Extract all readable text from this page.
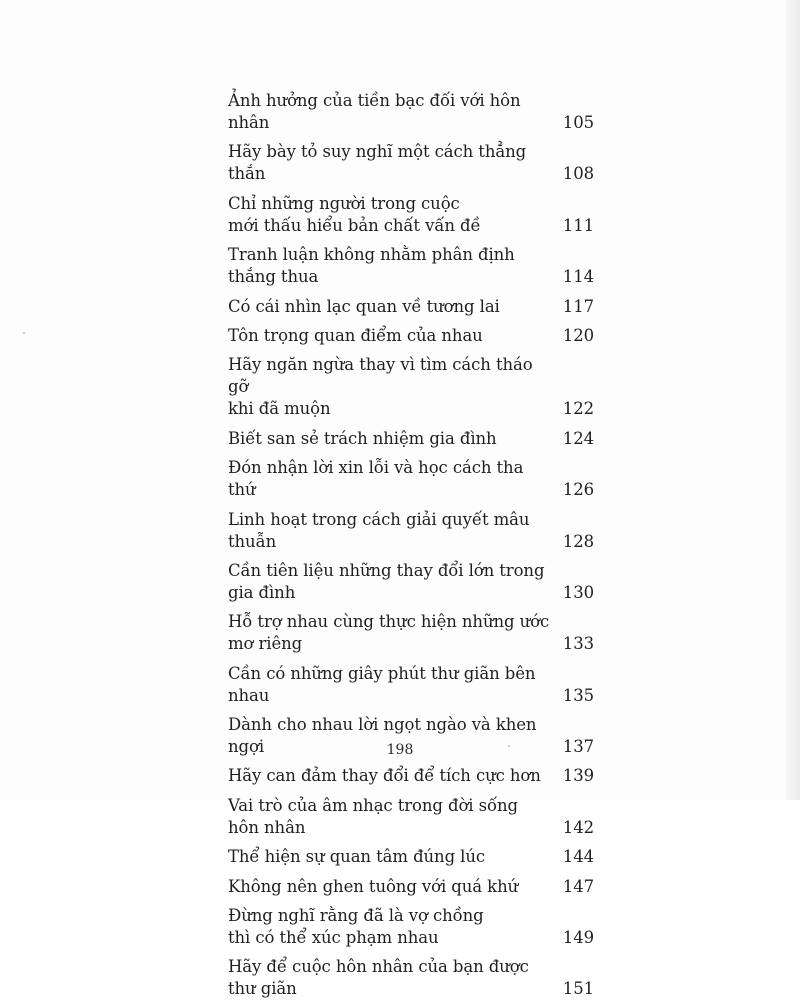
Ảnh hưởng của tiền bạc đối với hôn nhân	105
Hãy bày tỏ suy nghĩ một cách thẳng thắn	108
Chỉ những người trong cuộc
mới thấu hiểu bản chất vấn đề	111
Tranh luận không nhằm phân định thắng thua	114
Có cái nhìn lạc quan về tương lai	117
Tôn trọng quan điểm của nhau	120
Hãy ngăn ngừa thay vì tìm cách tháo gỡ
khi đã muộn	122
Biết san sẻ trách nhiệm gia đình	124
Đón nhận lời xin lỗi và học cách tha thứ	126
Linh hoạt trong cách giải quyết mâu thuẫn	128
Cần tiên liệu những thay đổi lớn trong gia đình	130
Hỗ trợ nhau cùng thực hiện những ước mơ riêng	133
Cần có những giây phút thư giãn bên nhau	135
Dành cho nhau lời ngọt ngào và khen ngợi	137
Hãy can đảm thay đổi để tích cực hơn	139
Vai trò của âm nhạc trong đời sống hôn nhân	142
Thể hiện sự quan tâm đúng lúc	144
Không nên ghen tuông với quá khứ	147
Đừng nghĩ rằng đã là vợ chồng
thì có thể xúc phạm nhau	149
Hãy để cuộc hôn nhân của bạn được thư giãn	151
198
